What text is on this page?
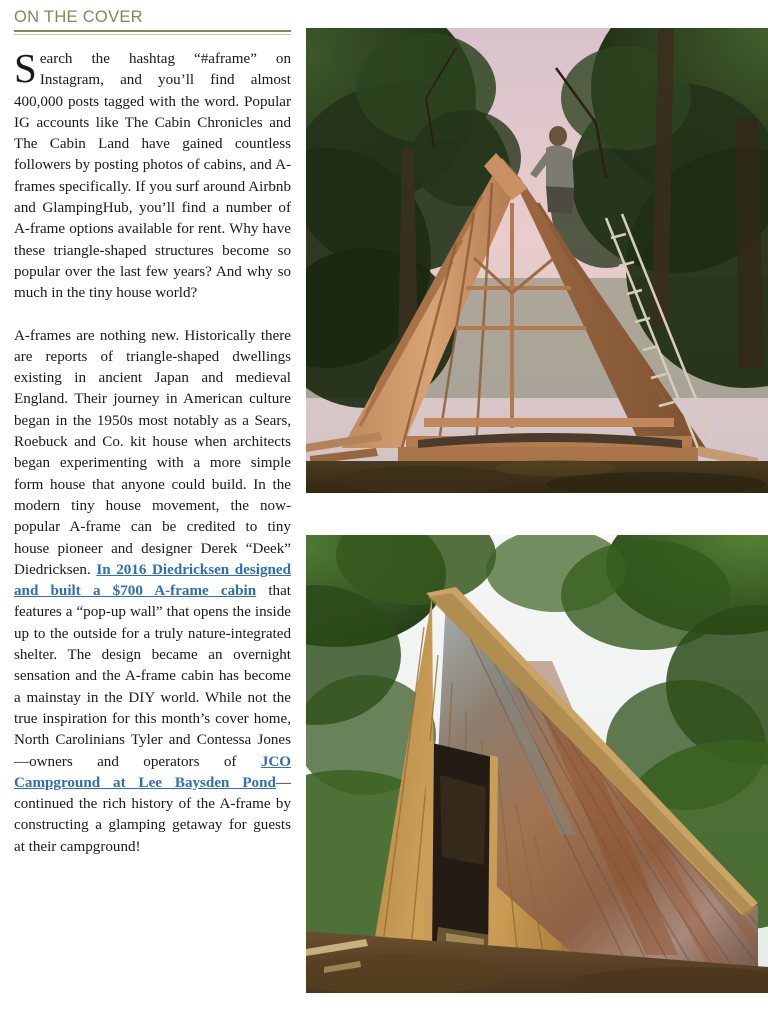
ON THE COVER

Search the hashtag “#aframe” on Instagram, and you’ll find almost 400,000 posts tagged with the word. Popular IG accounts like The Cabin Chronicles and The Cabin Land have gained countless followers by posting photos of cabins, and A-frames specifically. If you surf around Airbnb and GlampingHub, you’ll find a number of A-frame options available for rent. Why have these triangle-shaped structures become so popular over the last few years? And why so much in the tiny house world?

A-frames are nothing new. Historically there are reports of triangle-shaped dwellings existing in ancient Japan and medieval England. Their journey in American culture began in the 1950s most notably as a Sears, Roebuck and Co. kit house when architects began experimenting with a more simple form house that anyone could build. In the modern tiny house movement, the now-popular A-frame can be credited to tiny house pioneer and designer Derek “Deek” Diedricksen. In 2016 Diedricksen designed and built a $700 A-frame cabin that features a “pop-up wall” that opens the inside up to the outside for a truly nature-integrated shelter. The design became an overnight sensation and the A-frame cabin has become a mainstay in the DIY world. While not the true inspiration for this month’s cover home, North Carolinians Tyler and Contessa Jones—owners and operators of JCO Campground at Lee Baysden Pond—continued the rich history of the A-frame by constructing a glamping getaway for guests at their campground!
